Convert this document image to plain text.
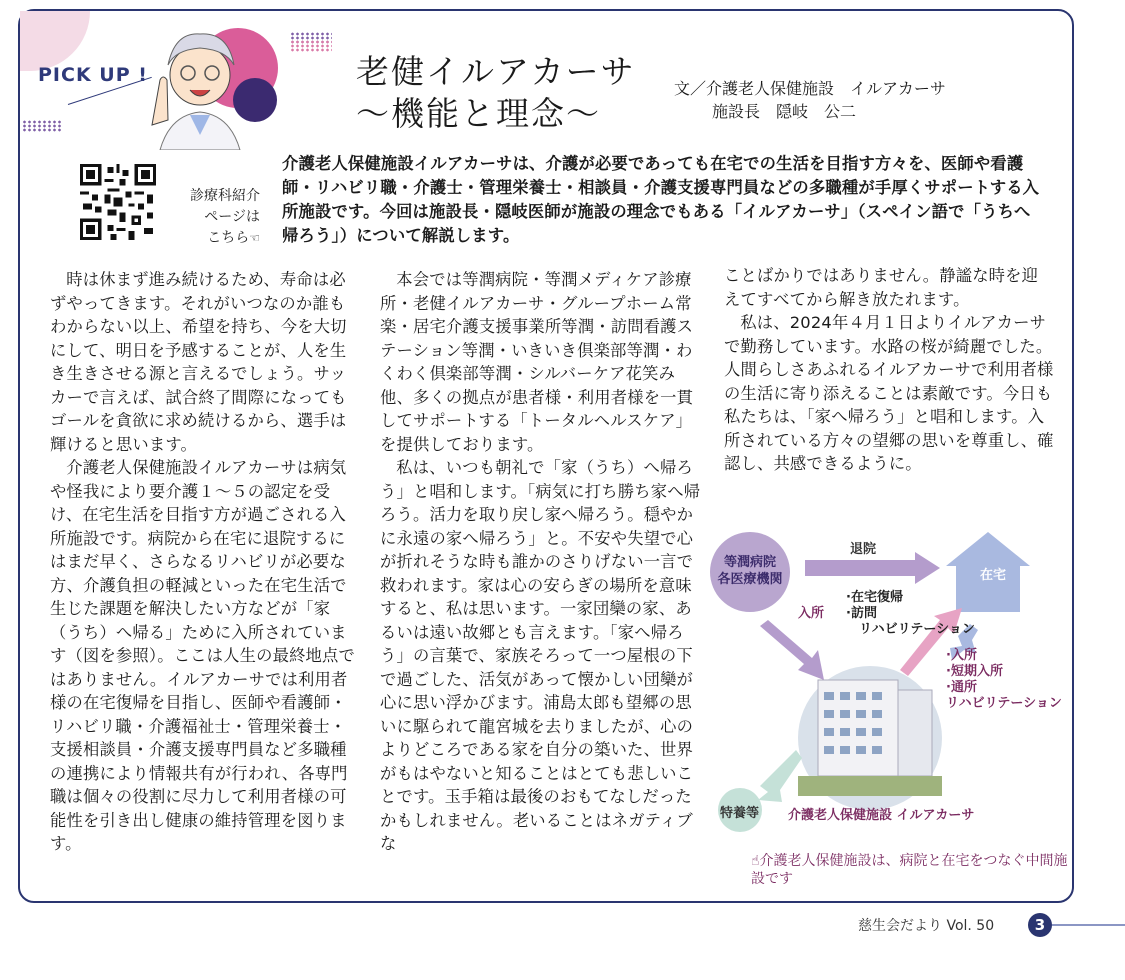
PICK UP !	老健イルアカーサ
～機能と理念～
文／介護老人保健施設　イルアカーサ
施設長　隠岐　公二
診療科紹介
ページは
こちら☜
介護老人保健施設イルアカーサは、介護が必要であっても在宅での生活を目指す方々を、医師や看護師・リハビリ職・介護士・管理栄養士・相談員・介護支援専門員などの多職種が手厚くサポートする入所施設です。今回は施設長・隠岐医師が施設の理念でもある「イルアカーサ」（スペイン語で「うちへ帰ろう」）について解説します。

時は休まず進み続けるため、寿命は必ずやってきます。それがいつなのか誰もわからない以上、希望を持ち、今を大切にして、明日を予感することが、人を生き生きさせる源と言えるでしょう。サッカーで言えば、試合終了間際になってもゴールを貪欲に求め続けるから、選手は輝けると思います。

介護老人保健施設イルアカーサは病気や怪我により要介護１～５の認定を受け、在宅生活を目指す方が過ごされる入所施設です。病院から在宅に退院するにはまだ早く、さらなるリハビリが必要な方、介護負担の軽減といった在宅生活で生じた課題を解決したい方などが「家（うち）へ帰る」ために入所されています（図を参照）。ここは人生の最終地点ではありません。イルアカーサでは利用者様の在宅復帰を目指し、医師や看護師・リハビリ職・介護福祉士・管理栄養士・支援相談員・介護支援専門員など多職種の連携により情報共有が行われ、各専門職は個々の役割に尽力して利用者様の可能性を引き出し健康の維持管理を図ります。

本会では等潤病院・等潤メディケア診療所・老健イルアカーサ・グループホーム常楽・居宅介護支援事業所等潤・訪問看護ステーション等潤・いきいき倶楽部等潤・わくわく倶楽部等潤・シルバーケア花笑み他、多くの拠点が患者様・利用者様を一貫してサポートする「トータルヘルスケア」を提供しております。

私は、いつも朝礼で「家（うち）へ帰ろう」と唱和します。「病気に打ち勝ち家へ帰ろう。活力を取り戻し家へ帰ろう。穏やかに永遠の家へ帰ろう」と。不安や失望で心が折れそうな時も誰かのさりげない一言で救われます。家は心の安らぎの場所を意味すると、私は思います。一家団欒の家、あるいは遠い故郷とも言えます。「家へ帰ろう」の言葉で、家族そろって一つ屋根の下で過ごした、活気があって懐かしい団欒が心に思い浮かびます。浦島太郎も望郷の思いに駆られて龍宮城を去りましたが、心のよりどころである家を自分の築いた、世界がもはやないと知ることはとても悲しいことです。玉手箱は最後のおもてなしだったかもしれません。老いることはネガティブな

ことばかりではありません。静謐な時を迎えてすべてから解き放たれます。

私は、2024年４月１日よりイルアカーサで勤務しています。水路の桜が綺麗でした。人間らしさあふれるイルアカーサで利用者様の生活に寄り添えることは素敵です。今日も私たちは、「家へ帰ろう」と唱和します。入所されている方々の望郷の思いを尊重し、確認し、共感できるように。

等潤病院
各医療機関	在宅
退院
入所
·在宅復帰
·訪問
　リハビリテーション
·入所
·短期入所
·通所
リハビリテーション
特養等 介護老人保健施設 イルアカーサ
☝介護老人保健施設は、病院と在宅をつなぐ中間施設です
慈生会だより Vol. 50	3
